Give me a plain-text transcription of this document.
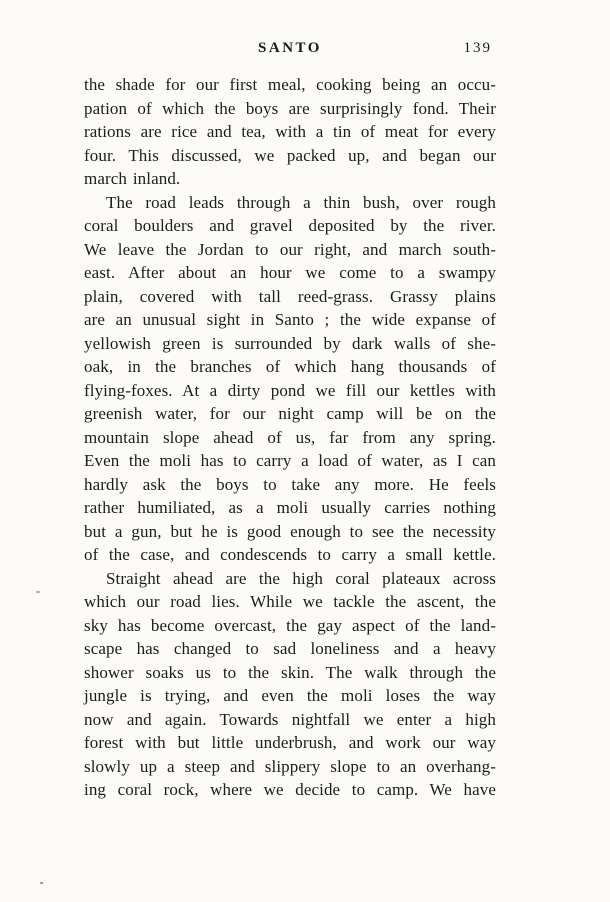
SANTO	139
the shade for our first meal, cooking being an occu-
pation of which the boys are surprisingly fond. Their
rations are rice and tea, with a tin of meat for every
four. This discussed, we packed up, and began our
march inland.
The road leads through a thin bush, over rough
coral boulders and gravel deposited by the river.
We leave the Jordan to our right, and march south-
east. After about an hour we come to a swampy
plain, covered with tall reed-grass. Grassy plains
are an unusual sight in Santo ; the wide expanse of
yellowish green is surrounded by dark walls of she-
oak, in the branches of which hang thousands of
flying-foxes. At a dirty pond we fill our kettles with
greenish water, for our night camp will be on the
mountain slope ahead of us, far from any spring.
Even the moli has to carry a load of water, as I can
hardly ask the boys to take any more. He feels
rather humiliated, as a moli usually carries nothing
but a gun, but he is good enough to see the necessity
of the case, and condescends to carry a small kettle.
Straight ahead are the high coral plateaux across
which our road lies. While we tackle the ascent, the
sky has become overcast, the gay aspect of the land-
scape has changed to sad loneliness and a heavy
shower soaks us to the skin. The walk through the
jungle is trying, and even the moli loses the way
now and again. Towards nightfall we enter a high
forest with but little underbrush, and work our way
slowly up a steep and slippery slope to an overhang-
ing coral rock, where we decide to camp. We have
